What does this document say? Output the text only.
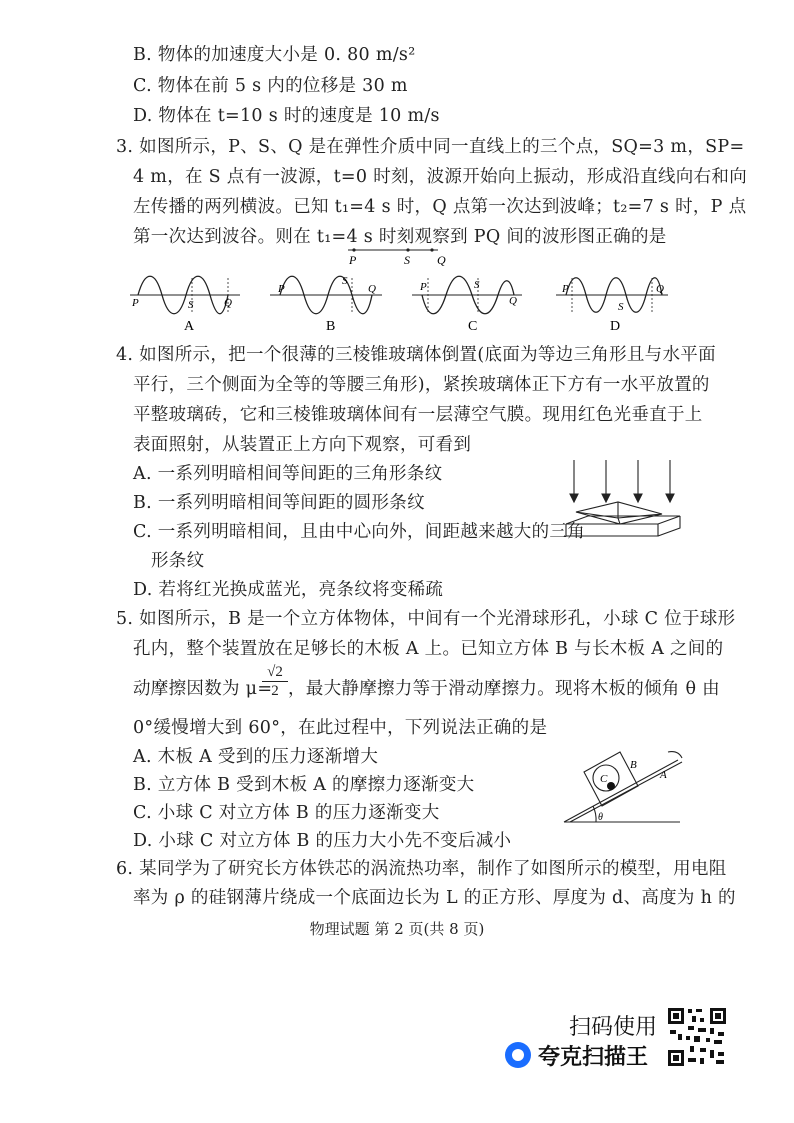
B. 物体的加速度大小是 0. 80 m/s²
C. 物体在前 5 s 内的位移是 30 m
D. 物体在 t=10 s 时的速度是 10 m/s
3. 如图所示，P、S、Q 是在弹性介质中同一直线上的三个点，SQ=3 m，SP=
4 m，在 S 点有一波源，t=0 时刻，波源开始向上振动，形成沿直线向右和向
左传播的两列横波。已知 t₁=4 s 时，Q 点第一次达到波峰；t₂=7 s 时，P 点
第一次达到波谷。则在 t₁=4 s 时刻观察到 PQ 间的波形图正确的是
P	S Q
P	S	Q
A
P
S
Q
B
P	S
Q
C
P
S
Q
D
4. 如图所示，把一个很薄的三棱锥玻璃体倒置(底面为等边三角形且与水平面
平行，三个侧面为全等的等腰三角形)，紧挨玻璃体正下方有一水平放置的
平整玻璃砖，它和三棱锥玻璃体间有一层薄空气膜。现用红色光垂直于上
表面照射，从装置正上方向下观察，可看到
A. 一系列明暗相间等间距的三角形条纹
B. 一系列明暗相间等间距的圆形条纹
C. 一系列明暗相间，且由中心向外，间距越来越大的三角
形条纹
D. 若将红光换成蓝光，亮条纹将变稀疏
5. 如图所示，B 是一个立方体物体，中间有一个光滑球形孔，小球 C 位于球形
孔内，整个装置放在足够长的木板 A 上。已知立方体 B 与长木板 A 之间的
动摩擦因数为 μ=
$\frac{√2}{2}$ ，最大静摩擦力等于滑动摩擦力。现将木板的倾角 θ 由
0°缓慢增大到 60°，在此过程中，下列说法正确的是
A. 木板 A 受到的压力逐渐增大
B. 立方体 B 受到木板 A 的摩擦力逐渐变大
C. 小球 C 对立方体 B 的压力逐渐变大
D. 小球 C 对立方体 B 的压力大小先不变后减小
C
B
A
θ
6. 某同学为了研究长方体铁芯的涡流热功率，制作了如图所示的模型，用电阻
率为 ρ 的硅钢薄片绕成一个底面边长为 L 的正方形、厚度为 d、高度为 h 的
物理试题 第 2 页(共 8 页)
扫码使用
夸克扫描王
